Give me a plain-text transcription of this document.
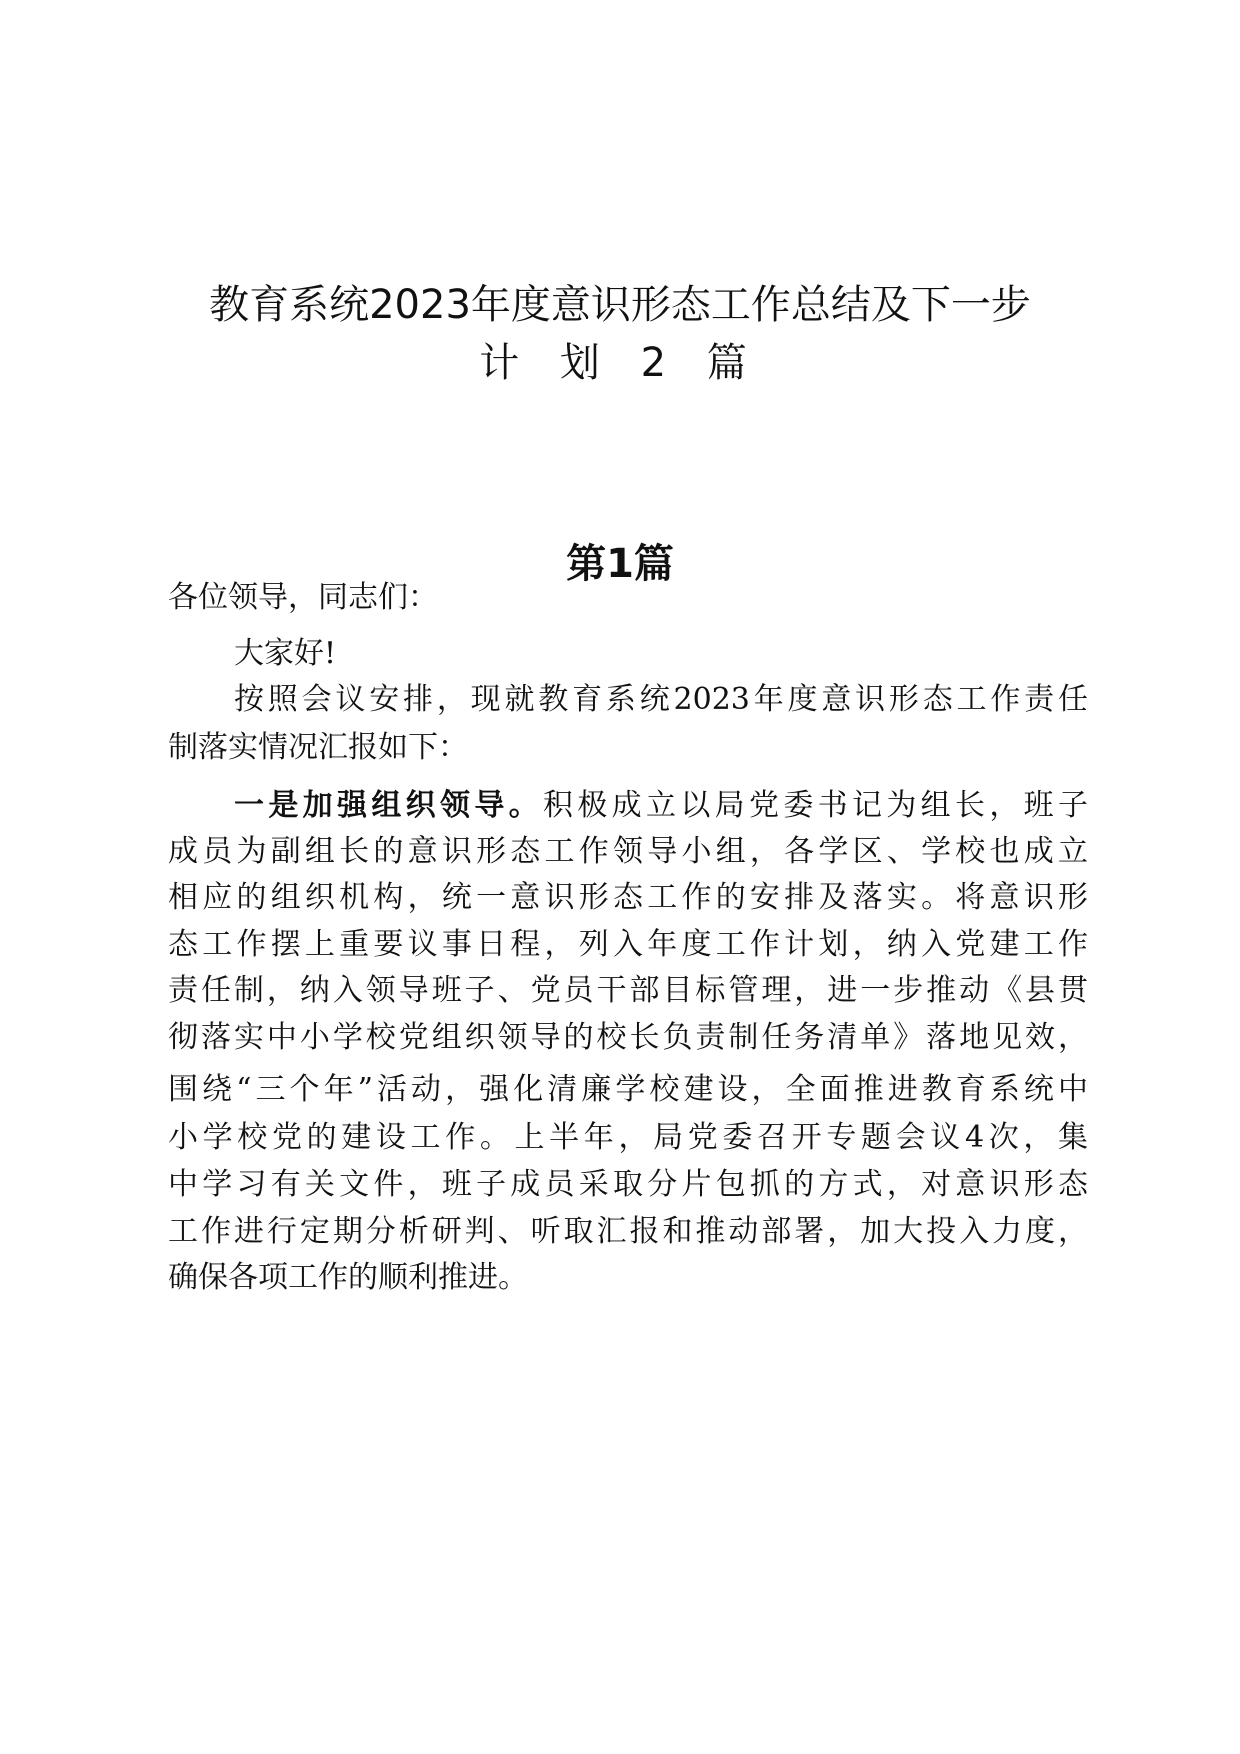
教育系统2023年度意识形态工作总结及下一步
计 划 2 篇
第1篇
各位领导，同志们：
大家好!
按照会议安排，现就教育系统2023年度意识形态工作责任
制落实情况汇报如下：
一是加强组织领导。积极成立以局党委书记为组长，班子
成员为副组长的意识形态工作领导小组，各学区、学校也成立
相应的组织机构，统一意识形态工作的安排及落实。将意识形
态工作摆上重要议事日程，列入年度工作计划，纳入党建工作
责任制，纳入领导班子、党员干部目标管理，进一步推动《县贯
彻落实中小学校党组织领导的校长负责制任务清单》落地见效，
围绕“三个年”活动，强化清廉学校建设，全面推进教育系统中
小学校党的建设工作。上半年，局党委召开专题会议4次，集
中学习有关文件，班子成员采取分片包抓的方式，对意识形态
工作进行定期分析研判、听取汇报和推动部署，加大投入力度，
确保各项工作的顺利推进。
